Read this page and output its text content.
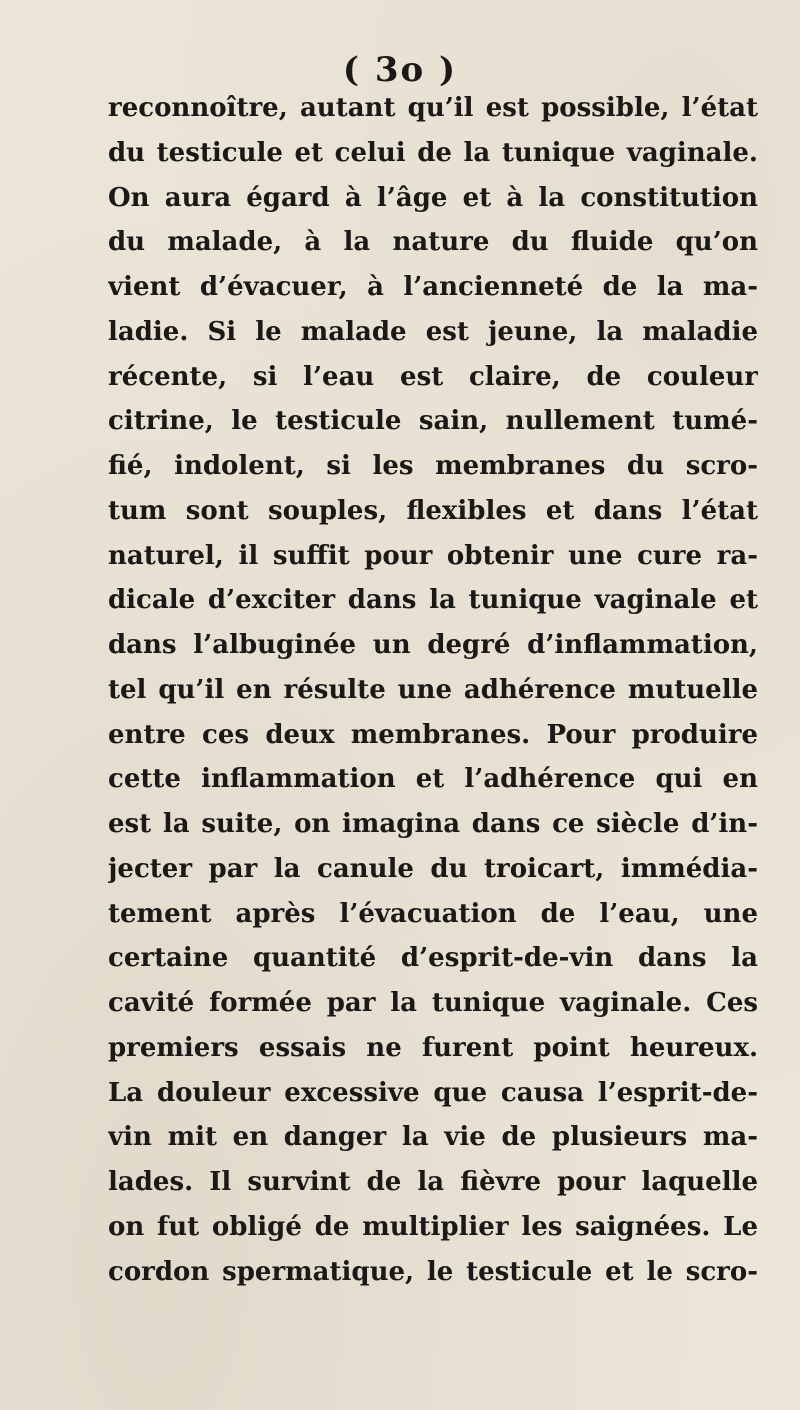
( 3o )
reconnoître, autant qu’il est possible, l’état
du testicule et celui de la tunique vaginale.
On aura égard à l’âge et à la constitution
du malade, à la nature du fluide qu’on
vient d’évacuer, à l’ancienneté de la ma-
ladie. Si le malade est jeune, la maladie
récente, si l’eau est claire, de couleur
citrine, le testicule sain, nullement tumé-
fié, indolent, si les membranes du scro-
tum sont souples, flexibles et dans l’état
naturel, il suffit pour obtenir une cure ra-
dicale d’exciter dans la tunique vaginale et
dans l’albuginée un degré d’inflammation,
tel qu’il en résulte une adhérence mutuelle
entre ces deux membranes. Pour produire
cette inflammation et l’adhérence qui en
est la suite, on imagina dans ce siècle d’in-
jecter par la canule du troicart, immédia-
tement après l’évacuation de l’eau, une
certaine quantité d’esprit-de-vin dans la
cavité formée par la tunique vaginale. Ces
premiers essais ne furent point heureux.
La douleur excessive que causa l’esprit-de-
vin mit en danger la vie de plusieurs ma-
lades. Il survint de la fièvre pour laquelle
on fut obligé de multiplier les saignées. Le
cordon spermatique, le testicule et le scro-
